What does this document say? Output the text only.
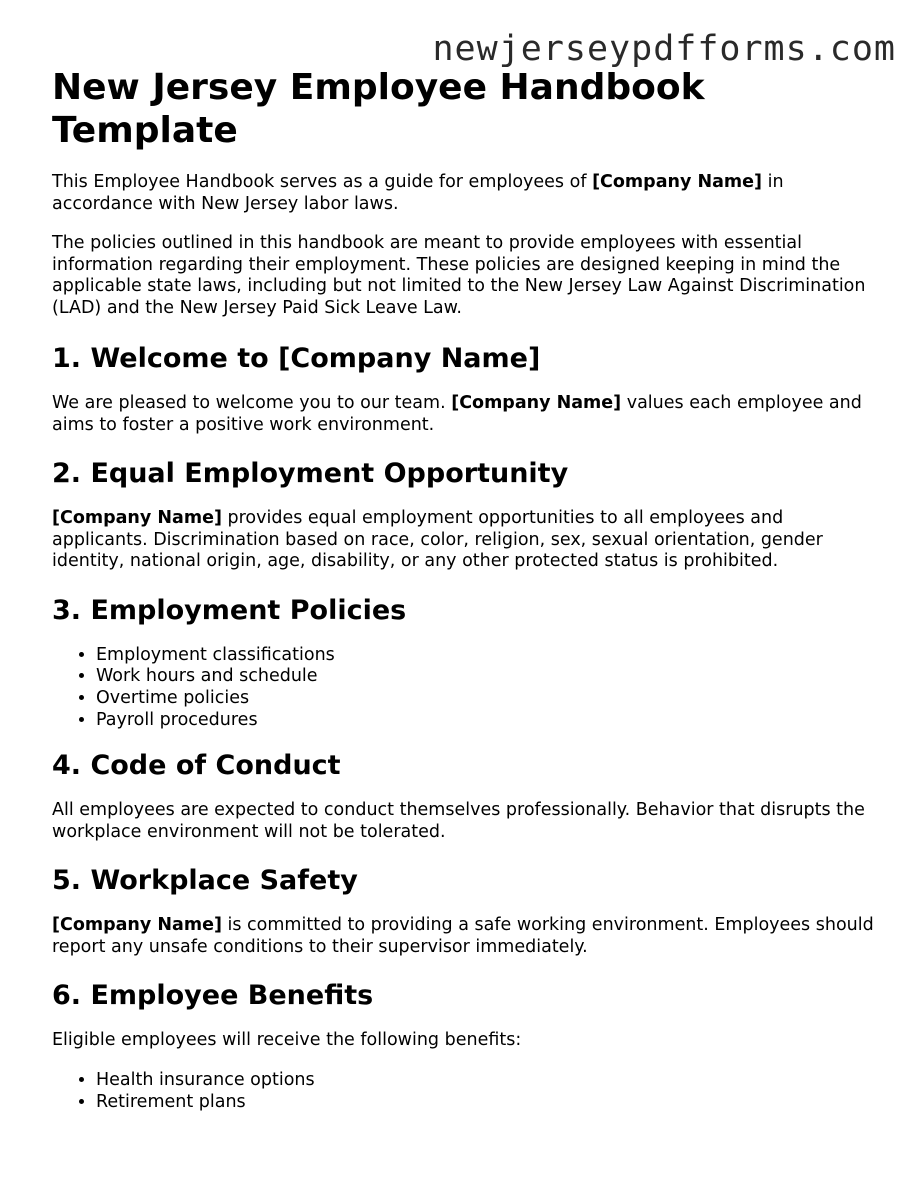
newjerseypdfforms.com
New Jersey Employee Handbook Template

This Employee Handbook serves as a guide for employees of [Company Name] in accordance with New Jersey labor laws.

The policies outlined in this handbook are meant to provide employees with essential information regarding their employment. These policies are designed keeping in mind the applicable state laws, including but not limited to the New Jersey Law Against Discrimination (LAD) and the New Jersey Paid Sick Leave Law.

1. Welcome to [Company Name]

We are pleased to welcome you to our team. [Company Name] values each employee and aims to foster a positive work environment.

2. Equal Employment Opportunity

[Company Name] provides equal employment opportunities to all employees and applicants. Discrimination based on race, color, religion, sex, sexual orientation, gender identity, national origin, age, disability, or any other protected status is prohibited.

3. Employment Policies
• Employment classifications
• Work hours and schedule
• Overtime policies
• Payroll procedures
4. Code of Conduct

All employees are expected to conduct themselves professionally. Behavior that disrupts the workplace environment will not be tolerated.

5. Workplace Safety

[Company Name] is committed to providing a safe working environment. Employees should report any unsafe conditions to their supervisor immediately.

6. Employee Benefits

Eligible employees will receive the following benefits:

• Health insurance options
• Retirement plans
